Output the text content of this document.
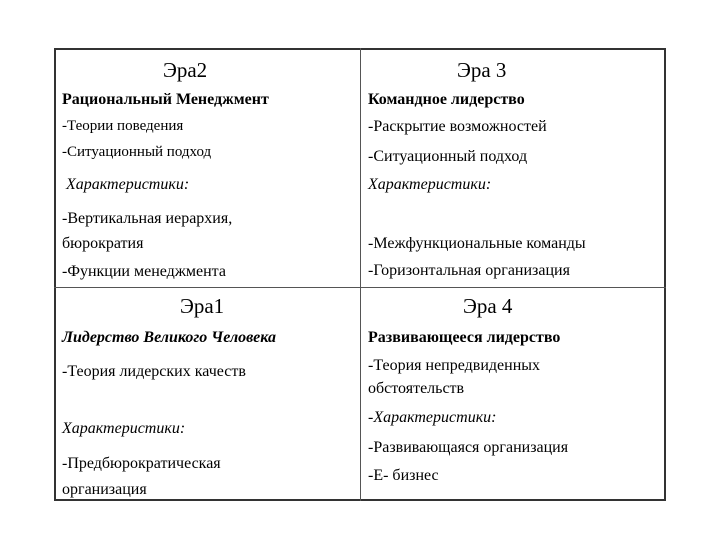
Эра2
Рациональный Менеджмент
-Теории поведения
-Ситуационный подход
Характеристики:
-Вертикальная иерархия,
бюрократия
-Функции менеджмента
Эра 3
Командное лидерство
-Раскрытие возможностей
-Ситуационный подход
Характеристики:
-Межфункциональные команды
-Горизонтальная организация
Эра1
Лидерство Великого Человека
-Теория лидерских качеств
Характеристики:
-Предбюрократическая
организация
Эра 4
Развивающееся лидерство
-Теория непредвиденных
обстоятельств
-Характеристики:
-Развивающаяся организация
-Е- бизнес
